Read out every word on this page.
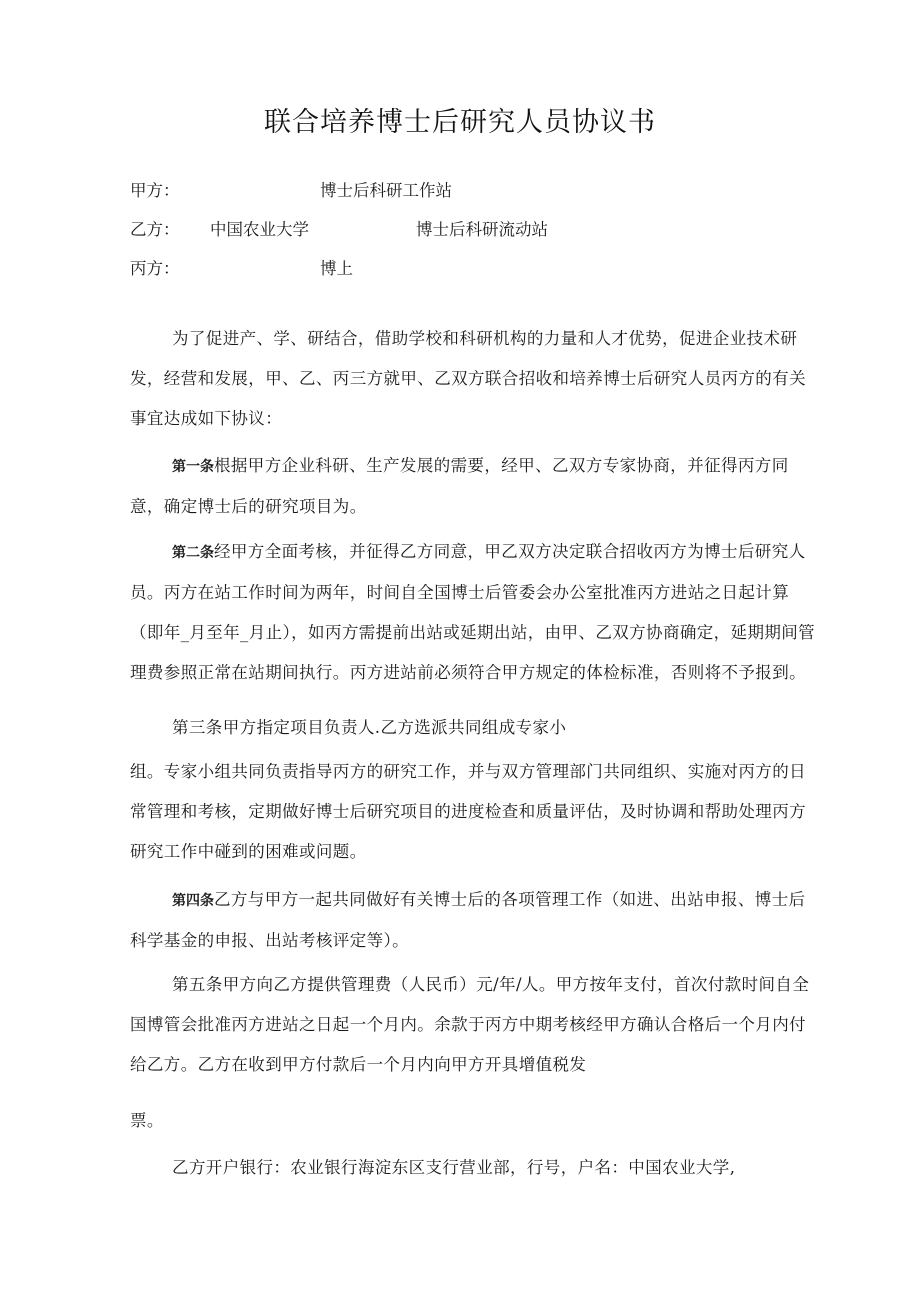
联合培养博士后研究人员协议书
甲方：	博士后科研工作站
乙方： 中国农业大学	博士后科研流动站
丙方：	博上

为了促进产、学、研结合，借助学校和科研机构的力量和人才优势，促进企业技术研发，经营和发展，甲、乙、丙三方就甲、乙双方联合招收和培养博士后研究人员丙方的有关事宜达成如下协议：

第一条根据甲方企业科研、生产发展的需要，经甲、乙双方专家协商，并征得丙方同意，确定博士后的研究项目为。

第二条经甲方全面考核，并征得乙方同意，甲乙双方决定联合招收丙方为博士后研究人员。丙方在站工作时间为两年，时间自全国博士后管委会办公室批准丙方进站之日起计算（即年_月至年_月止），如丙方需提前出站或延期出站，由甲、乙双方协商确定，延期期间管理费参照正常在站期间执行。丙方进站前必须符合甲方规定的体检标准，否则将不予报到。

第三条甲方指定项目负责人.乙方选派共同组成专家小

组。专家小组共同负责指导丙方的研究工作，并与双方管理部门共同组织、实施对丙方的日常管理和考核，定期做好博士后研究项目的进度检查和质量评估，及时协调和帮助处理丙方研究工作中碰到的困难或问题。

第四条乙方与甲方一起共同做好有关博士后的各项管理工作（如进、出站申报、博士后科学基金的申报、出站考核评定等）。

第五条甲方向乙方提供管理费（人民币）元/年/人。甲方按年支付，首次付款时间自全国博管会批准丙方进站之日起一个月内。余款于丙方中期考核经甲方确认合格后一个月内付给乙方。乙方在收到甲方付款后一个月内向甲方开具增值税发

票。
乙方开户银行：农业银行海淀东区支行营业部，行号，户名：中国农业大学,
